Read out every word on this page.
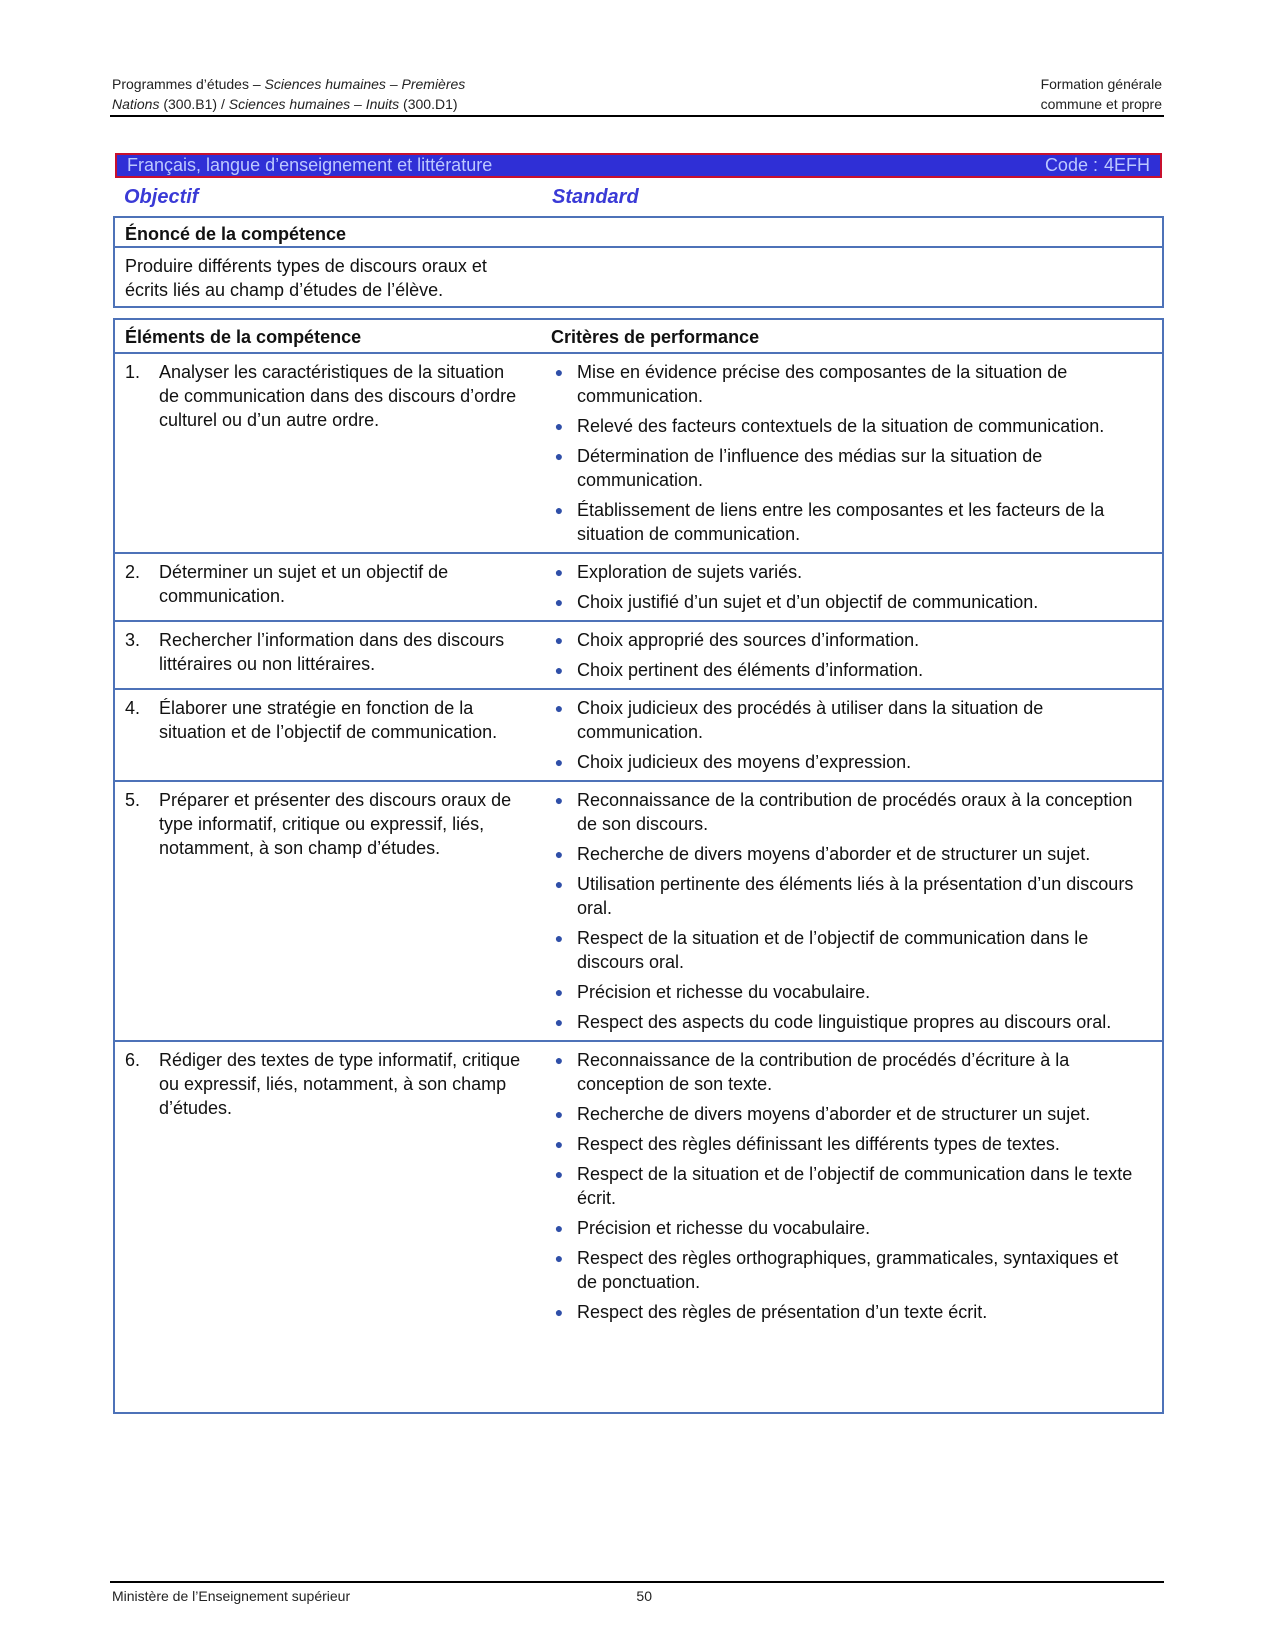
Programmes d’études – Sciences humaines – Premières	Formation générale
Nations (300.B1) / Sciences humaines – Inuits (300.D1)	commune et propre
Français, langue d’enseignement et littérature	Code : 4EFH
Objectif	Standard
Énoncé de la compétence
Produire différents types de discours oraux et écrits liés au champ d’études de l’élève.
Éléments de la compétence	Critères de performance
1.	Analyser les caractéristiques de la situation de communication dans des discours d’ordre culturel ou d’un autre ordre.
● Mise en évidence précise des composantes de la situation de communication.
● Relevé des facteurs contextuels de la situation de communication.
● Détermination de l’influence des médias sur la situation de communication.
● Établissement de liens entre les composantes et les facteurs de la situation de communication.
2.	Déterminer un sujet et un objectif de communication.
● Exploration de sujets variés.
● Choix justifié d’un sujet et d’un objectif de communication.
3.	Rechercher l’information dans des discours littéraires ou non littéraires.
● Choix approprié des sources d’information.
● Choix pertinent des éléments d’information.
4.	Élaborer une stratégie en fonction de la situation et de l’objectif de communication.
● Choix judicieux des procédés à utiliser dans la situation de communication.
● Choix judicieux des moyens d’expression.
5.	Préparer et présenter des discours oraux de type informatif, critique ou expressif, liés, notamment, à son champ d’études.
● Reconnaissance de la contribution de procédés oraux à la conception de son discours.
● Recherche de divers moyens d’aborder et de structurer un sujet.
● Utilisation pertinente des éléments liés à la présentation d’un discours oral.
● Respect de la situation et de l’objectif de communication dans le discours oral.
● Précision et richesse du vocabulaire.
● Respect des aspects du code linguistique propres au discours oral.
6.	Rédiger des textes de type informatif, critique ou expressif, liés, notamment, à son champ d’études.
● Reconnaissance de la contribution de procédés d’écriture à la conception de son texte.
● Recherche de divers moyens d’aborder et de structurer un sujet.
● Respect des règles définissant les différents types de textes.
● Respect de la situation et de l’objectif de communication dans le texte écrit.
● Précision et richesse du vocabulaire.
● Respect des règles orthographiques, grammaticales, syntaxiques et de ponctuation.
● Respect des règles de présentation d’un texte écrit.
Ministère de l’Enseignement supérieur	50
